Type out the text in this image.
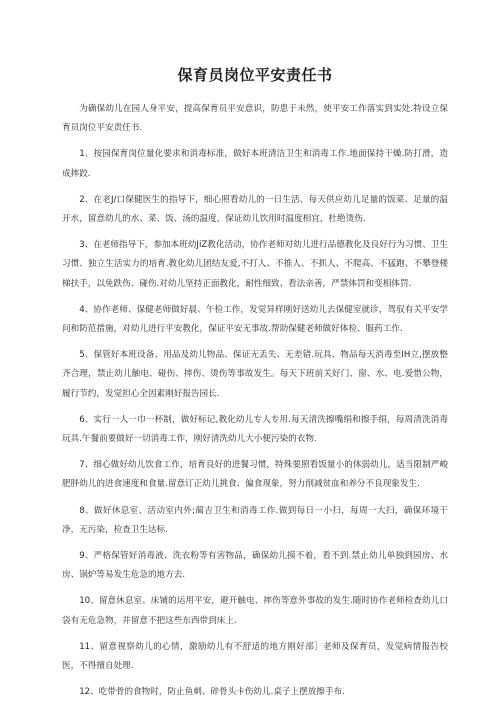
保育员岗位平安责任书

为确保幼儿在园人身平安，提高保育员平安意识，防患于未然，使平安工作落实到实处.特设立保育员岗位平安责任书.

1、按园保育岗位量化要求和消毒标准，做好本班清洁卫生和消毒工作.地面保持干燥.防打滑，造成摔跤.

2、在老J/口保健医生的指导下，细心照看幼儿的一日生活、每天供应幼儿足量的饭菜、足量的温开水，留意幼儿的水、菜、饭、汤的温度，保证幼儿饮用时温度相宜，杜绝烫伤.

3、在老师指导下，参加本班幼JiZ教化活动，协作老师对幼儿进行品德教化及良好行为习惯、卫生习惯、独立生活实力的培育.教化幼儿团结友爱,不打人、不推人、不抓人、不爬高、不猛跑、不攀登楼梯扶手，以免跌伤、碰伤.对幼儿坚持正面教化，耐性细致、看法亲善，严禁体罚和变相体罚.

4、协作老师、保健老师做好晨、午检工作，发觉异样刚好送幼儿去保健室就诊，驾驭有关平安学问和防范措施，对幼儿进行平安教化，保证平安无事故.帮助保健老师做好体检、服药工作.

5、保管好本班设备、用品及幼儿物品、保证无丢失、无差错.玩具、物品每天消毒至IH立,摆放整齐合理，禁止幼儿触电、碰伤、摔伤、烫伤等事故发生。每天下班前关好门、窗、水、电.爱惜公物，履行节约，发觉担心全因素刚好报告园长.

6、实行一人一巾一杯制，做好标记,教化幼儿专人专用.每天清洗擦嘴绢和擦手绢，每周清洗消毒玩具.午餐前要做好一切消毒工作，刚好清洗幼儿大小便污染的衣物.

7、细心做好幼儿饮食工作，培育良好的进餐习惯，特殊要照看饭量小的体弱幼儿，适当限制严峻肥胖幼儿的进食速度和食量.留意订正幼儿挑食、偏食现象，努力削减贫血和养分不良现象发生.

8、做好休息室、活动室内外;蔺吉卫生和消毒工作.做到每日一小扫，每周一大扫，确保环境干净，无污染，检查卫生达标.

9、严格保管好消毒液、洗衣粉等有害物品，确保幼儿摸不着，看不到.禁止幼儿单独到园房、水房、锅炉等易发生危急的地方去.

10、留意休息室、床铺的运用平安，避开触电、摔伤等意外事故的发生.随时协作老师检查幼儿口袋有无危急物，并留意不把这些东西带到床上.

11、留意视察幼儿的心情，激励幼儿有不舒适的地方刚好部］老师及保育员，发觉病情报告校医，不得擅自处理.

12、吃带骨的食物时，防止鱼刺、碎骨头卡伤幼儿.桌子上摆放擦手布.
